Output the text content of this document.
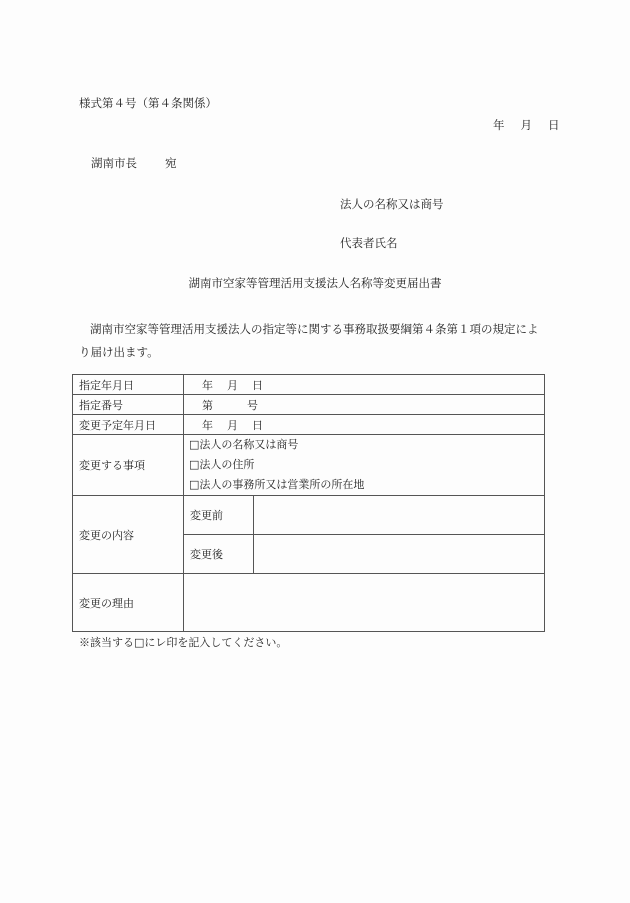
様式第４号（第４条関係）
年 月 日
湖南市長 宛
法人の名称又は商号
代表者氏名
湖南市空家等管理活用支援法人名称等変更届出書
湖南市空家等管理活用支援法人の指定等に関する事務取扱要綱第４条第１項の規定により届け出ます。
指定年月日	年 月 日	
指定番号	第 号	
変更予定年月日	年 月 日	
変更する事項	□法人の名称又は商号
□法人の住所
□法人の事務所又は営業所の所在地	

変更の内容	変更前	
	変更後	
変更の理由		
※該当する□にレ印を記入してください。
